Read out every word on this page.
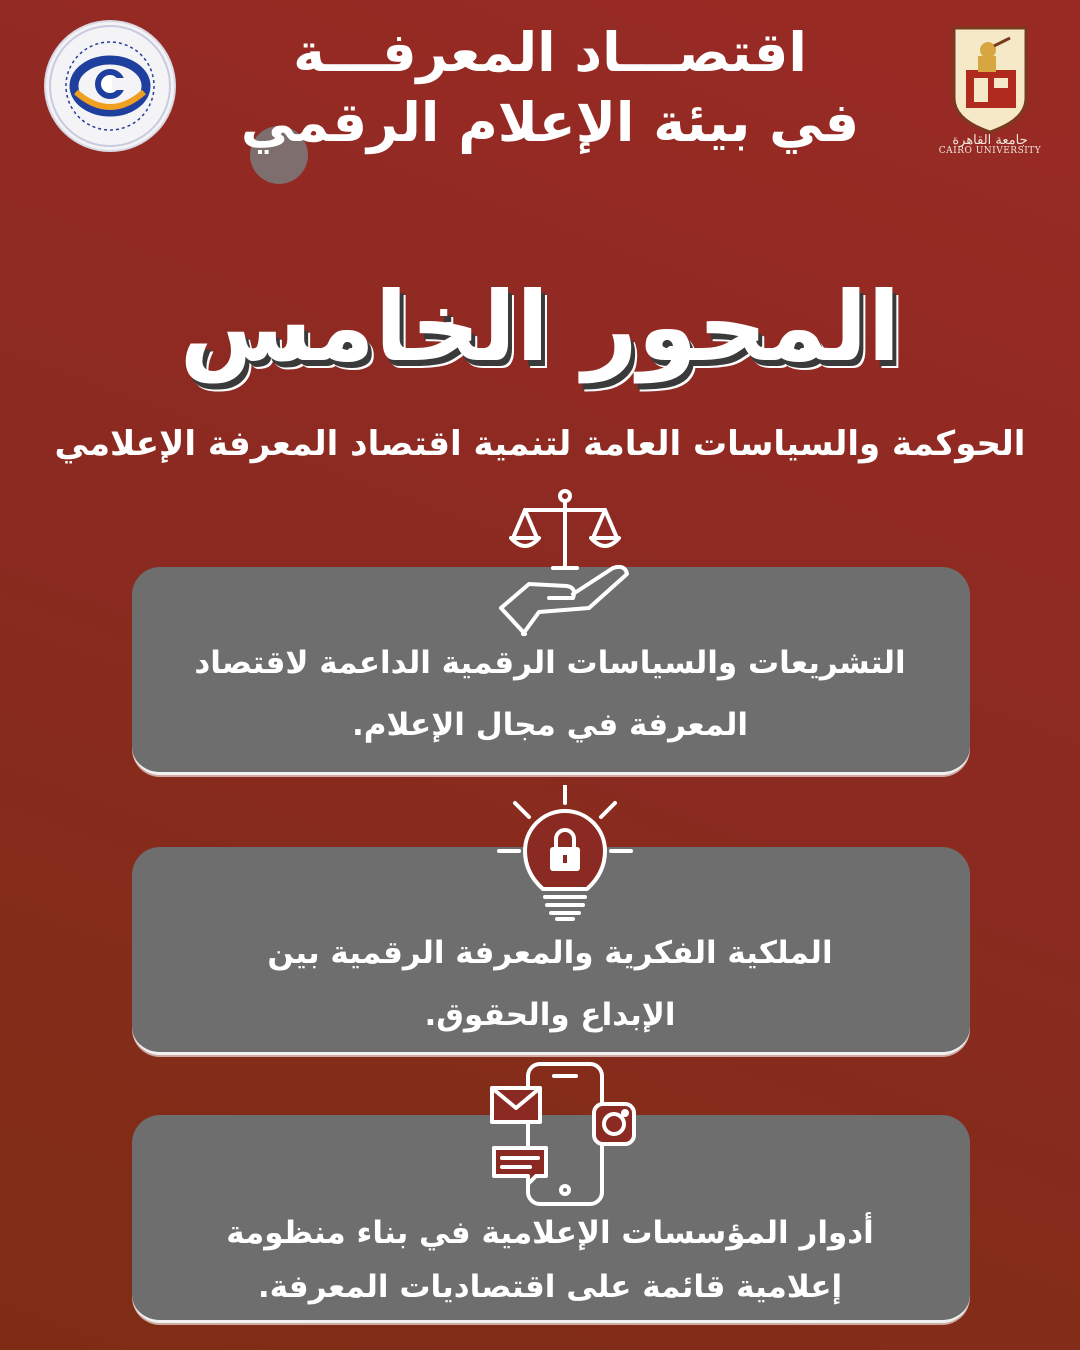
جامعة القاهرة
CAIRO UNIVERSITY
اقتصـــاد المعرفـــة
في بيئة الإعلام الرقمي
المحور الخامس
الحوكمة والسياسات العامة لتنمية اقتصاد المعرفة الإعلامي
التشريعات والسياسات الرقمية الداعمة لاقتصاد
المعرفة في مجال الإعلام.
الملكية الفكرية والمعرفة الرقمية بين
الإبداع والحقوق.
أدوار المؤسسات الإعلامية في بناء منظومة
إعلامية قائمة على اقتصاديات المعرفة.
